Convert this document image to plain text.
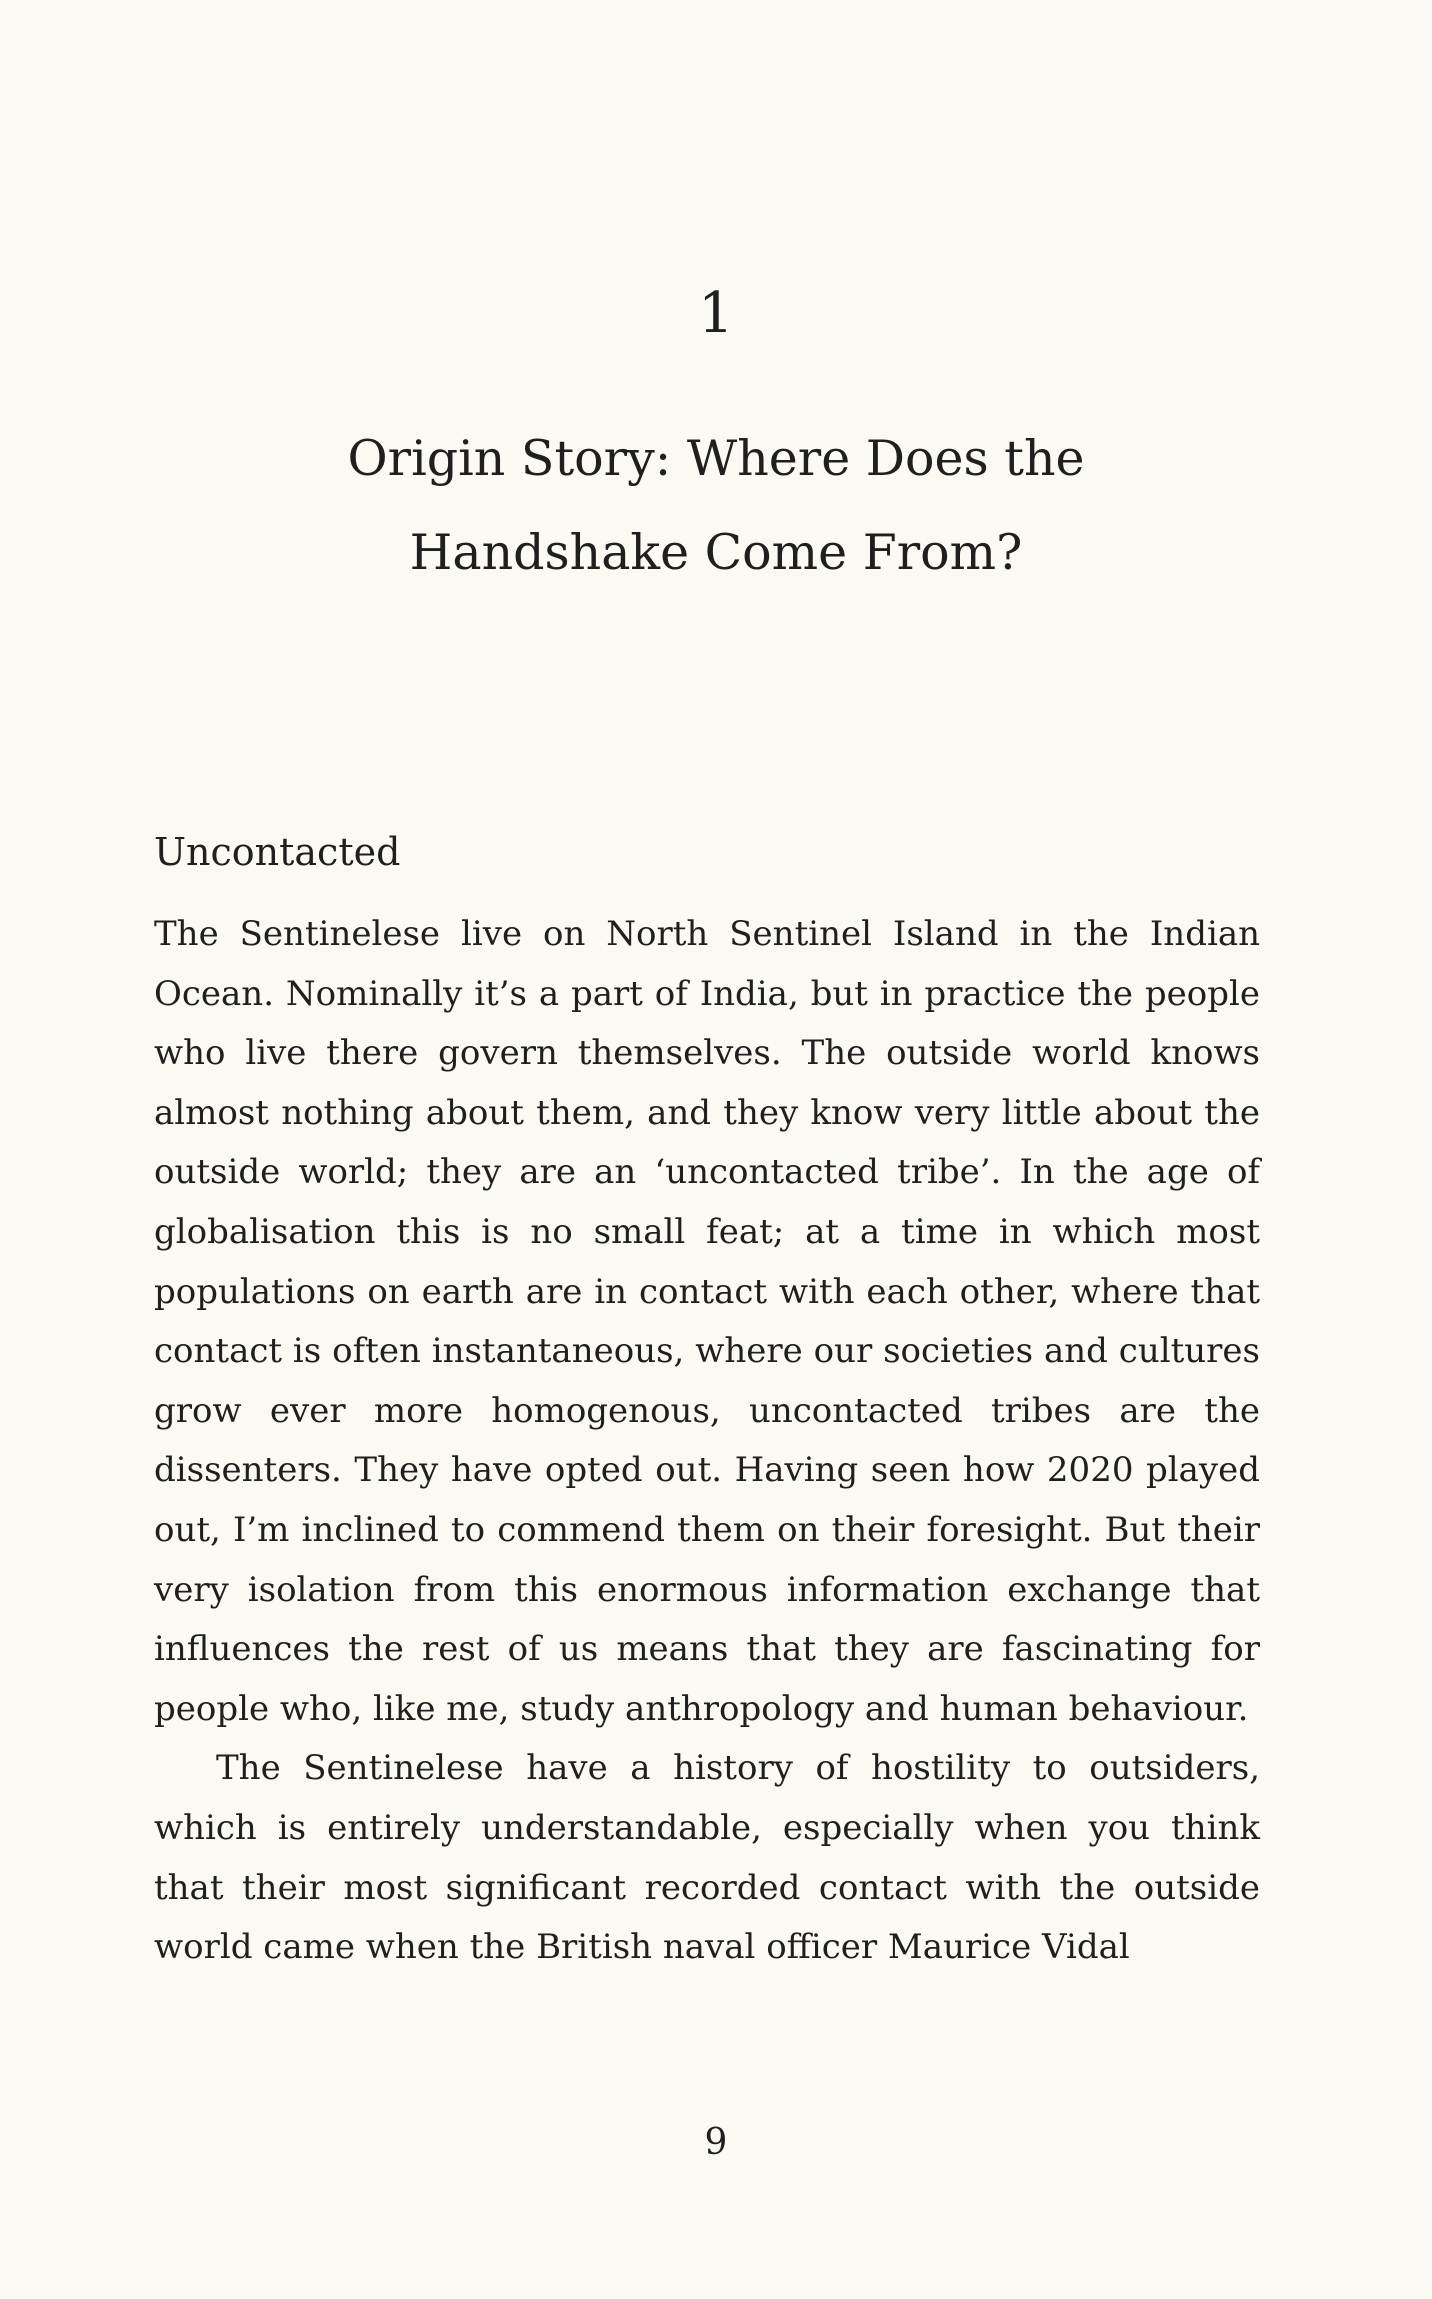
1
Origin Story: Where Does the
Handshake Come From?
Uncontacted

The Sentinelese live on North Sentinel Island in the Indian Ocean. Nominally it’s a part of India, but in practice the people who live there govern themselves. The outside world knows almost nothing about them, and they know very little about the outside world; they are an ‘uncontacted tribe’. In the age of globalisation this is no small feat; at a time in which most populations on earth are in contact with each other, where that contact is often instantaneous, where our societies and cultures grow ever more homogenous, uncontacted tribes are the dissenters. They have opted out. Having seen how 2020 played out, I’m inclined to commend them on their foresight. But their very isolation from this enormous information exchange that influences the rest of us means that they are fascinating for people who, like me, study anthropology and human behaviour.

The Sentinelese have a history of hostility to outsiders, which is entirely understandable, especially when you think that their most significant recorded contact with the outside world came when the British naval officer Maurice Vidal

9
